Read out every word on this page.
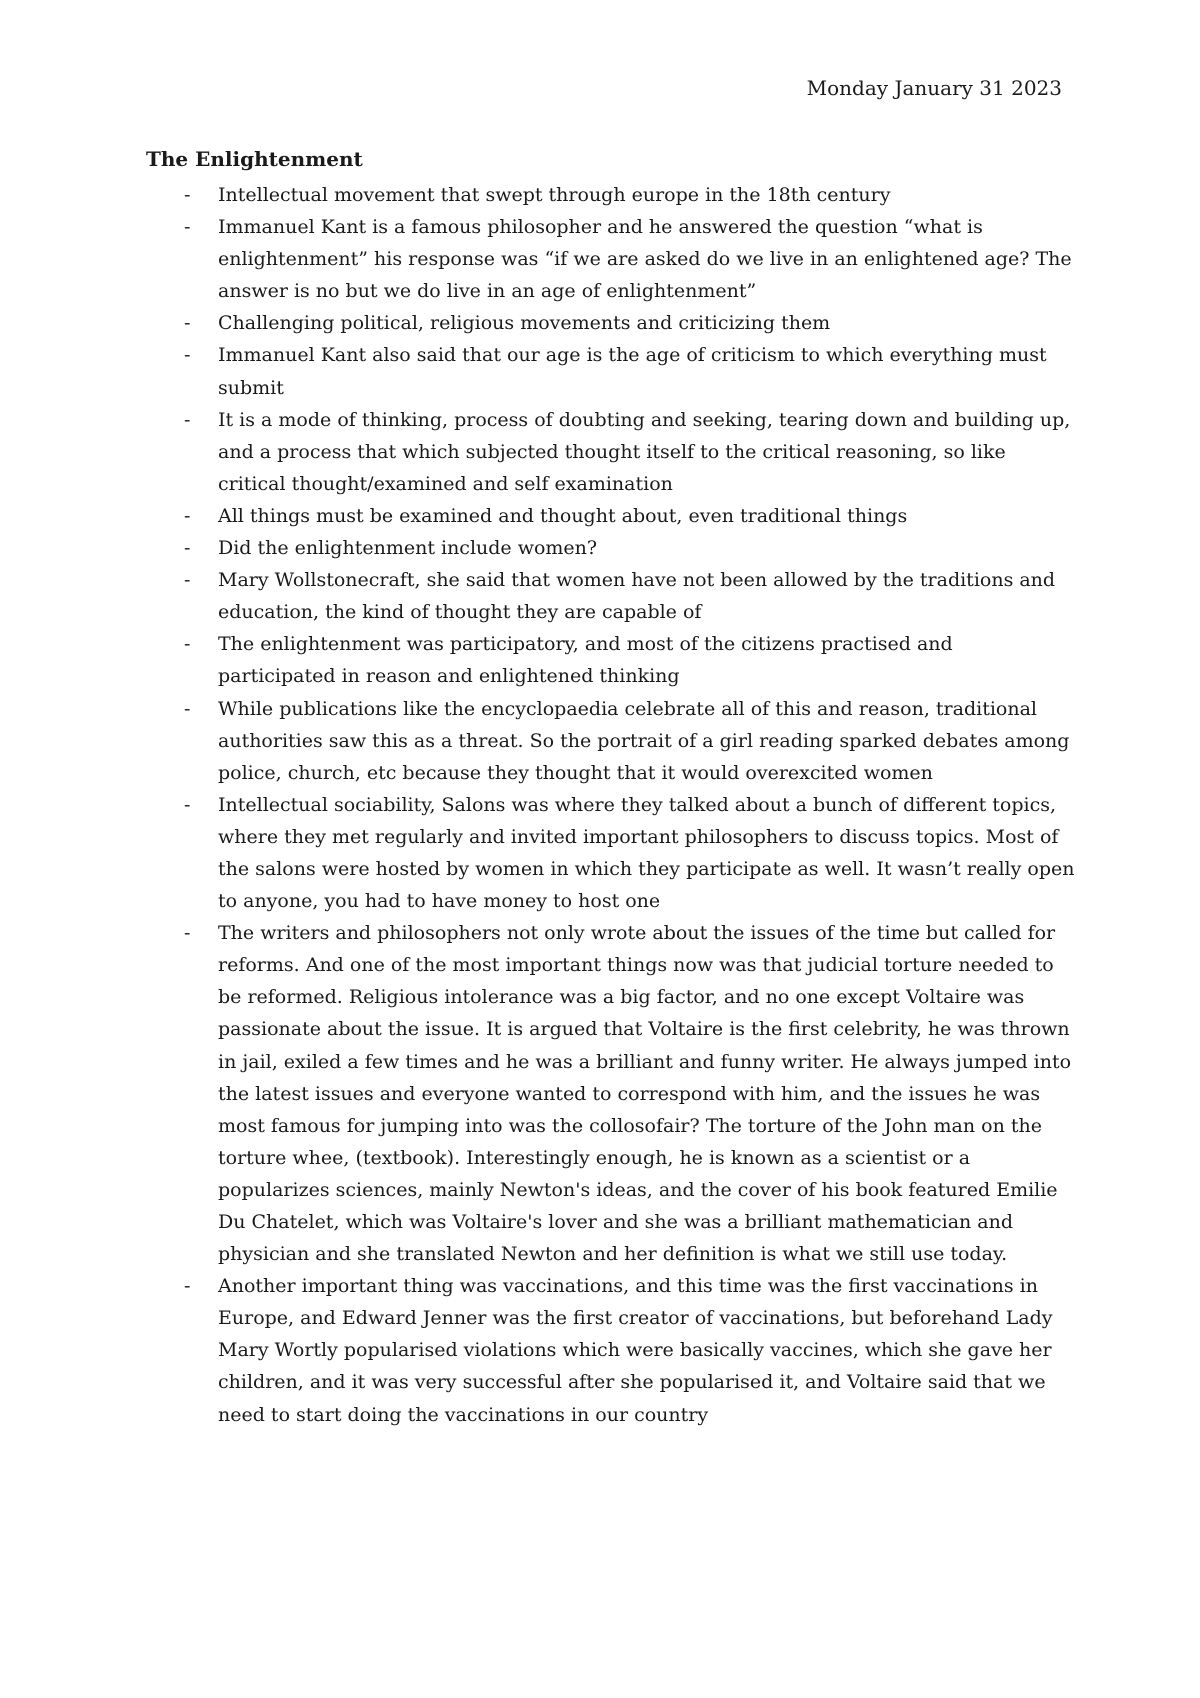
Monday January 31 2023
The Enlightenment
- Intellectual movement that swept through europe in the 18th century
- Immanuel Kant is a famous philosopher and he answered the question “what is enlightenment” his response was “if we are asked do we live in an enlightened age? The answer is no but we do live in an age of enlightenment”
- Challenging political, religious movements and criticizing them
- Immanuel Kant also said that our age is the age of criticism to which everything must submit
- It is a mode of thinking, process of doubting and seeking, tearing down and building up, and a process that which subjected thought itself to the critical reasoning, so like critical thought/examined and self examination
- All things must be examined and thought about, even traditional things
- Did the enlightenment include women?
- Mary Wollstonecraft, she said that women have not been allowed by the traditions and education, the kind of thought they are capable of
- The enlightenment was participatory, and most of the citizens practised and participated in reason and enlightened thinking
- While publications like the encyclopaedia celebrate all of this and reason, traditional authorities saw this as a threat. So the portrait of a girl reading sparked debates among police, church, etc because they thought that it would overexcited women
- Intellectual sociability, Salons was where they talked about a bunch of different topics, where they met regularly and invited important philosophers to discuss topics. Most of the salons were hosted by women in which they participate as well. It wasn’t really open to anyone, you had to have money to host one
- The writers and philosophers not only wrote about the issues of the time but called for reforms. And one of the most important things now was that judicial torture needed to be reformed. Religious intolerance was a big factor, and no one except Voltaire was passionate about the issue. It is argued that Voltaire is the first celebrity, he was thrown in jail, exiled a few times and he was a brilliant and funny writer. He always jumped into the latest issues and everyone wanted to correspond with him, and the issues he was most famous for jumping into was the collosofair? The torture of the John man on the torture whee, (textbook). Interestingly enough, he is known as a scientist or a popularizes sciences, mainly Newton's ideas, and the cover of his book featured Emilie Du Chatelet, which was Voltaire's lover and she was a brilliant mathematician and physician and she translated Newton and her definition is what we still use today.
- Another important thing was vaccinations, and this time was the first vaccinations in Europe, and Edward Jenner was the first creator of vaccinations, but beforehand Lady Mary Wortly popularised violations which were basically vaccines, which she gave her children, and it was very successful after she popularised it, and Voltaire said that we need to start doing the vaccinations in our country
